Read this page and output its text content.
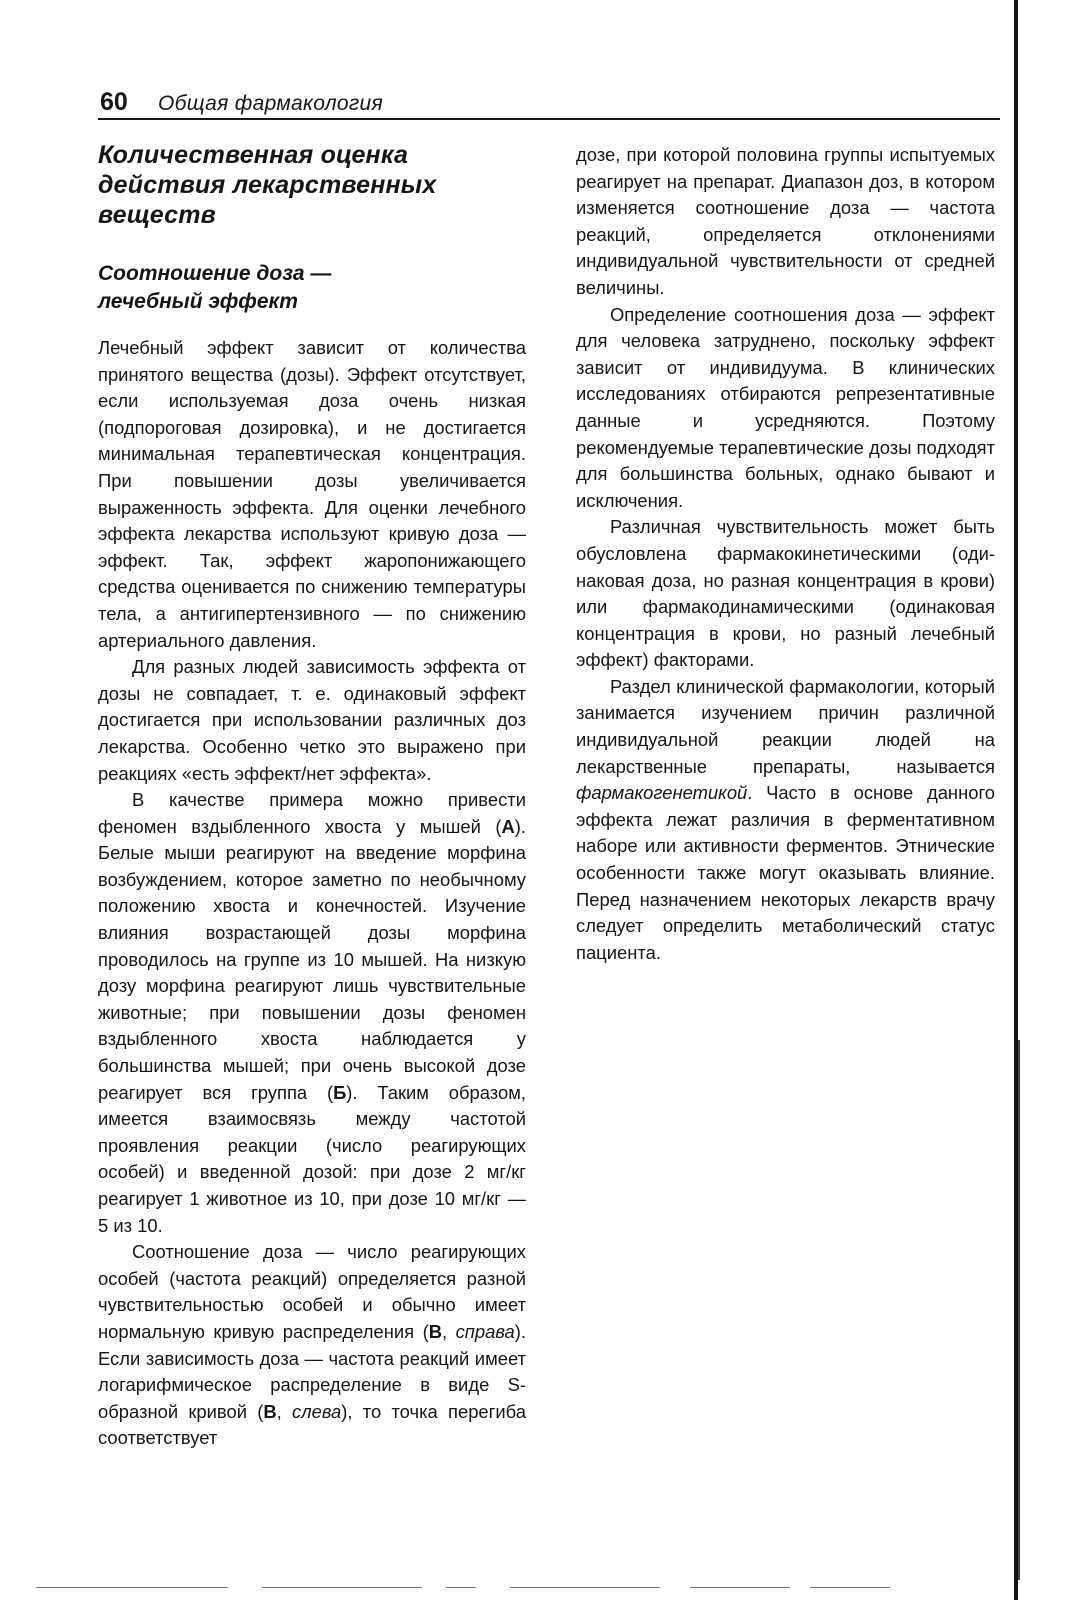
60 Общая фармакология
Количественная оценка
действия лекарственных
веществ
Соотношение доза —
лечебный эффект

Лечебный эффект зависит от количества принятого вещества (дозы). Эффект отсутствует, если используемая доза очень низкая (подпороговая дозировка), и не достигается минимальная терапевтическая концентрация. При повышении дозы увеличивается выраженность эффекта. Для оценки лечебного эффекта лекарства используют кривую доза — эффект. Так, эффект жаропонижающего средства оценивается по снижению температуры тела, а антигипертензивного — по снижению артериального давления.

Для разных людей зависимость эффекта от дозы не совпадает, т. е. одинаковый эффект достигается при использовании различных доз лекарства. Особенно четко это выражено при реакциях «есть эффект/нет эффекта».

В качестве примера можно привести феномен вздыбленного хвоста у мышей (А). Белые мыши реагируют на введение морфина возбуждением, которое заметно по необычному положению хвоста и конечностей. Изучение влияния возрастающей дозы морфина проводилось на группе из 10 мышей. На низкую дозу морфина реагируют лишь чувствительные животные; при повышении дозы феномен вздыбленного хвоста наблюдается у большинства мышей; при очень высокой дозе реагирует вся группа (Б). Таким образом, имеется взаимосвязь между частотой проявления реакции (число реагирующих особей) и введенной дозой: при дозе 2 мг/кг реагирует 1 животное из 10, при дозе 10 мг/кг — 5 из 10.

Соотношение доза — число реагирующих особей (частота реакций) определяется разной чувствительностью особей и обычно имеет нормальную кривую распределения (В, справа). Если зависимость доза — частота реакций имеет логарифмическое распределение в виде S-образной кривой (В, слева), то точка перегиба соответствует

дозе, при которой половина группы испытуемых реагирует на препарат. Диапазон доз, в котором изменяется соотношение доза — частота реакций, определяется отклонениями индивидуальной чувствительности от средней величины.

Определение соотношения доза — эффект для человека затруднено, поскольку эффект зависит от индивидуума. В клинических исследованиях отбираются репрезентативные данные и усредняются. Поэтому рекомендуемые терапевтические дозы подходят для большинства больных, однако бывают и исключения.

Различная чувствительность может быть обусловлена фармакокинетическими (одинаковая доза, но разная концентрация в крови) или фармакодинамическими (одинаковая концентрация в крови, но разный лечебный эффект) факторами.

Раздел клинической фармакологии, который занимается изучением причин различной индивидуальной реакции людей на лекарственные препараты, называется фармакогенетикой. Часто в основе данного эффекта лежат различия в ферментативном наборе или активности ферментов. Этнические особенности также могут оказывать влияние. Перед назначением некоторых лекарств врачу следует определить метаболический статус пациента.
